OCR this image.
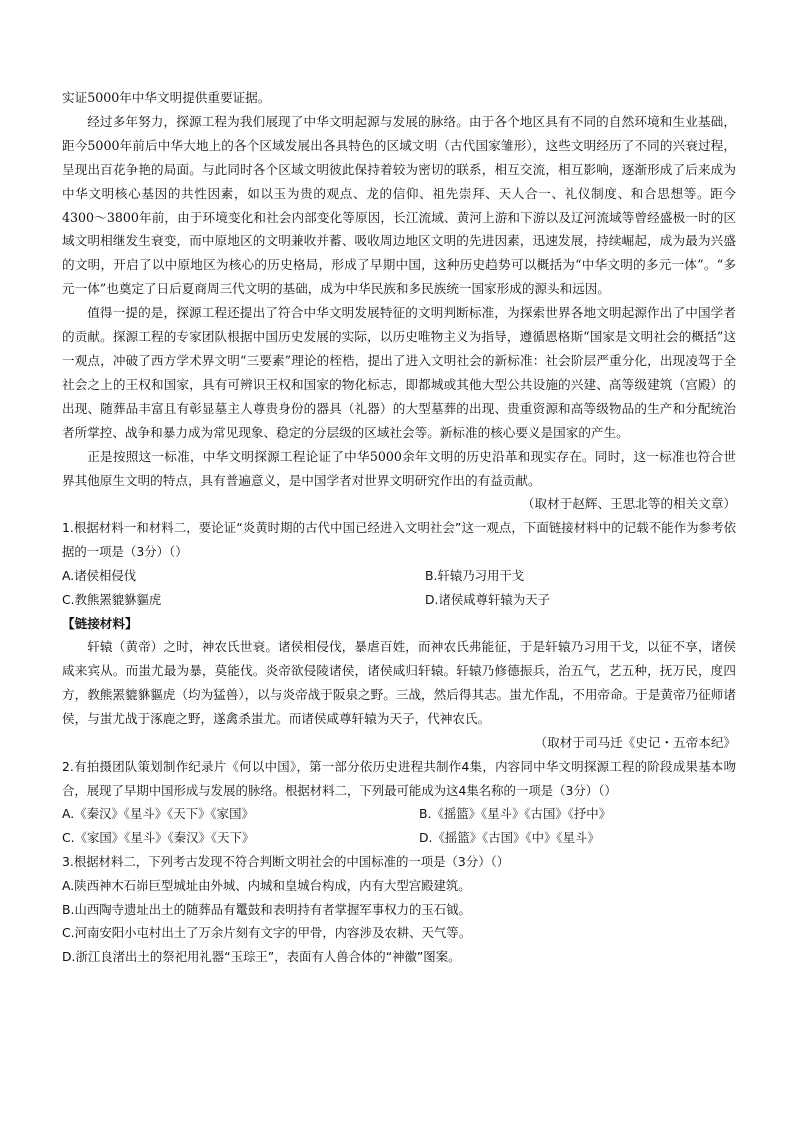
实证5000年中华文明提供重要证据。

经过多年努力，探源工程为我们展现了中华文明起源与发展的脉络。由于各个地区具有不同的自然环境和生业基础，距今5000年前后中华大地上的各个区域发展出各具特色的区域文明（古代国家雏形），这些文明经历了不同的兴衰过程，呈现出百花争艳的局面。与此同时各个区域文明彼此保持着较为密切的联系，相互交流，相互影响，逐渐形成了后来成为中华文明核心基因的共性因素，如以玉为贵的观点、龙的信仰、祖先崇拜、天人合一、礼仪制度、和合思想等。距今4300～3800年前，由于环境变化和社会内部变化等原因，长江流域、黄河上游和下游以及辽河流域等曾经盛极一时的区域文明相继发生衰变，而中原地区的文明兼收并蓄、吸收周边地区文明的先进因素，迅速发展，持续崛起，成为最为兴盛的文明，开启了以中原地区为核心的历史格局，形成了早期中国，这种历史趋势可以概括为“中华文明的多元一体”。“多元一体”也奠定了日后夏商周三代文明的基础，成为中华民族和多民族统一国家形成的源头和远因。

值得一提的是，探源工程还提出了符合中华文明发展特征的文明判断标准，为探索世界各地文明起源作出了中国学者的贡献。探源工程的专家团队根据中国历史发展的实际，以历史唯物主义为指导，遵循恩格斯“国家是文明社会的概括”这一观点，冲破了西方学术界文明“三要素”理论的桎梏，提出了进入文明社会的新标准：社会阶层严重分化，出现凌驾于全社会之上的王权和国家，具有可辨识王权和国家的物化标志，即都城或其他大型公共设施的兴建、高等级建筑（宫殿）的出现、随葬品丰富且有彰显墓主人尊贵身份的器具（礼器）的大型墓葬的出现、贵重资源和高等级物品的生产和分配统治者所掌控、战争和暴力成为常见现象、稳定的分层级的区域社会等。新标准的核心要义是国家的产生。

正是按照这一标准，中华文明探源工程论证了中华5000余年文明的历史沿革和现实存在。同时，这一标准也符合世界其他原生文明的特点，具有普遍意义，是中国学者对世界文明研究作出的有益贡献。

（取材于赵辉、王思北等的相关文章）

1.根据材料一和材料二，要论证“炎黄时期的古代中国已经进入文明社会”这一观点，下面链接材料中的记载不能作为参考依据的一项是（3分）（）

A.诸侯相侵伐	B.轩辕乃习用干戈
C.教熊罴貔貅貙虎	D.诸侯咸尊轩辕为天子

【链接材料】

轩辕（黄帝）之时，神农氏世衰。诸侯相侵伐，暴虐百姓，而神农氏弗能征，于是轩辕乃习用干戈，以征不享，诸侯咸来宾从。而蚩尤最为暴，莫能伐。炎帝欲侵陵诸侯，诸侯咸归轩辕。轩辕乃修德振兵，治五气，艺五种，抚万民，度四方，教熊罴貔貅貙虎（均为猛兽），以与炎帝战于阪泉之野。三战，然后得其志。蚩尤作乱，不用帝命。于是黄帝乃征师诸侯，与蚩尤战于涿鹿之野，遂禽杀蚩尤。而诸侯咸尊轩辕为天子，代神农氏。

（取材于司马迁《史记・五帝本纪》

2.有拍摄团队策划制作纪录片《何以中国》，第一部分依历史进程共制作4集，内容同中华文明探源工程的阶段成果基本吻合，展现了早期中国形成与发展的脉络。根据材料二，下列最可能成为这4集名称的一项是（3分）（）

A.《秦汉》《星斗》《天下》《家国》	B.《摇篮》《星斗》《古国》《抒中》
C.《家国》《星斗》《秦汉》《天下》	D.《摇篮》《古国》《中》《星斗》

3.根据材料二，下列考古发现不符合判断文明社会的中国标准的一项是（3分）（）

A.陕西神木石峁巨型城址由外城、内城和皇城台构成，内有大型宫殿建筑。

B.山西陶寺遗址出土的随葬品有鼍鼓和表明持有者掌握军事权力的玉石钺。

C.河南安阳小屯村出土了万余片刻有文字的甲骨，内容涉及农耕、天气等。

D.浙江良渚出土的祭祀用礼器“玉琮王”，表面有人兽合体的“神徽”图案。
